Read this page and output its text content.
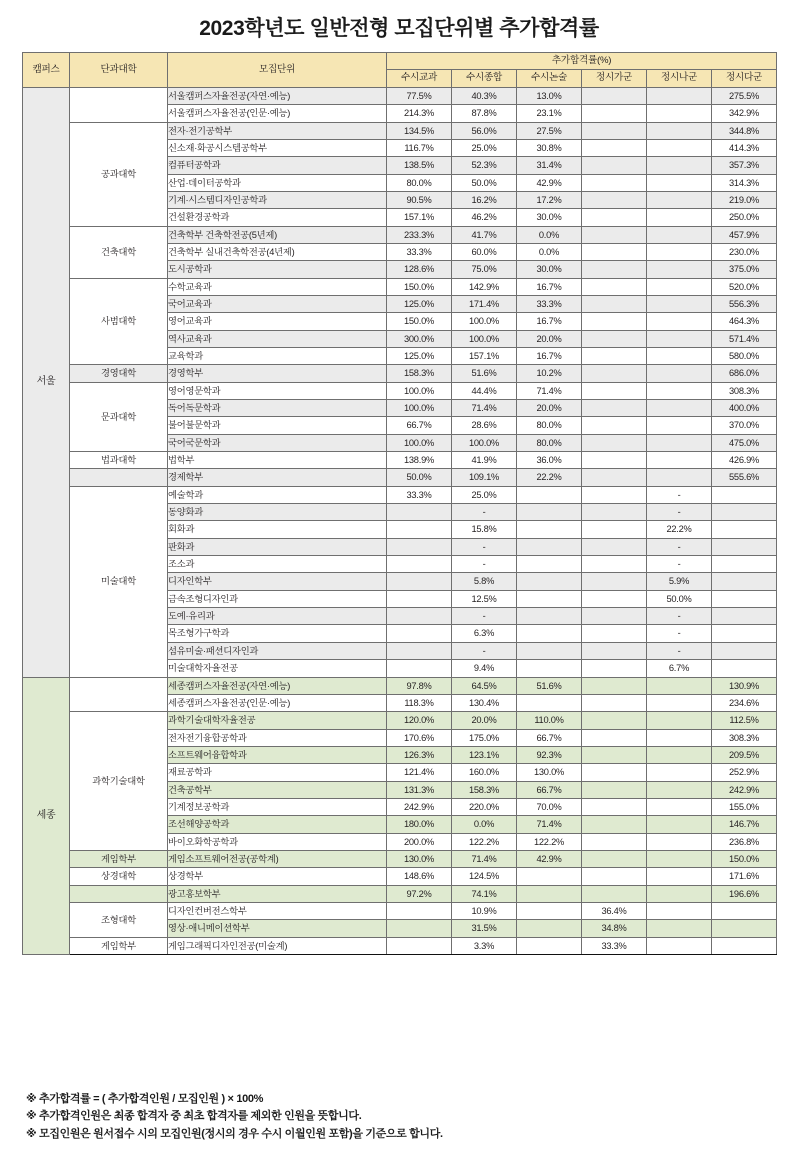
2023학년도 일반전형 모집단위별 추가합격률
캠퍼스	단과대학	모집단위	추가합격률(%)					
			수시교과	수시종합	수시논술	정시가군	정시나군	정시다군
서울		서울캠퍼스자율전공(자연·예능)	77.5%	40.3%	13.0%			275.5%
		서울캠퍼스자율전공(인문·예능)	214.3%	87.8%	23.1%			342.9%
	공과대학	전자·전기공학부	134.5%	56.0%	27.5%			344.8%
		신소재·화공시스템공학부	116.7%	25.0%	30.8%			414.3%
		컴퓨터공학과	138.5%	52.3%	31.4%			357.3%
		산업·데이터공학과	80.0%	50.0%	42.9%			314.3%
		기계·시스템디자인공학과	90.5%	16.2%	17.2%			219.0%
		건설환경공학과	157.1%	46.2%	30.0%			250.0%
	건축대학	건축학부 건축학전공(5년제)	233.3%	41.7%	0.0%			457.9%
		건축학부 실내건축학전공(4년제)	33.3%	60.0%	0.0%			230.0%
		도시공학과	128.6%	75.0%	30.0%			375.0%
	사범대학	수학교육과	150.0%	142.9%	16.7%			520.0%
		국어교육과	125.0%	171.4%	33.3%			556.3%
		영어교육과	150.0%	100.0%	16.7%			464.3%
		역사교육과	300.0%	100.0%	20.0%			571.4%
		교육학과	125.0%	157.1%	16.7%			580.0%
	경영대학	경영학부	158.3%	51.6%	10.2%			686.0%
	문과대학	영어영문학과	100.0%	44.4%	71.4%			308.3%
		독어독문학과	100.0%	71.4%	20.0%			400.0%
		불어불문학과	66.7%	28.6%	80.0%			370.0%
		국어국문학과	100.0%	100.0%	80.0%			475.0%
	법과대학	법학부	138.9%	41.9%	36.0%			426.9%
		경제학부	50.0%	109.1%	22.2%			555.6%
	미술대학	예술학과	33.3%	25.0%			-	
		동양화과		-			-	
		회화과		15.8%			22.2%	
		판화과		-			-	
		조소과		-			-	
		디자인학부		5.8%			5.9%	
		금속조형디자인과		12.5%			50.0%	
		도예·유리과		-			-	
		목조형가구학과		6.3%			-	
		섬유미술·패션디자인과		-			-	
		미술대학자율전공		9.4%			6.7%	
세종		세종캠퍼스자율전공(자연·예능)	97.8%	64.5%	51.6%			130.9%
		세종캠퍼스자율전공(인문·예능)	118.3%	130.4%				234.6%
	과학기술대학	과학기술대학자율전공	120.0%	20.0%	110.0%			112.5%
		전자전기융합공학과	170.6%	175.0%	66.7%			308.3%
		소프트웨어융합학과	126.3%	123.1%	92.3%			209.5%
		재료공학과	121.4%	160.0%	130.0%			252.9%
		건축공학부	131.3%	158.3%	66.7%			242.9%
		기계정보공학과	242.9%	220.0%	70.0%			155.0%
		조선해양공학과	180.0%	0.0%	71.4%			146.7%
		바이오화학공학과	200.0%	122.2%	122.2%			236.8%
	게임학부	게임소프트웨어전공(공학계)	130.0%	71.4%	42.9%			150.0%
	상경대학	상경학부	148.6%	124.5%				171.6%
		광고홍보학부	97.2%	74.1%				196.6%
	조형대학	디자인컨버전스학부		10.9%		36.4%		
		영상·애니메이션학부		31.5%		34.8%		
	게임학부	게임그래픽디자인전공(미술계)		3.3%		33.3%		
※ 추가합격률 = ( 추가합격인원 / 모집인원 ) × 100%
※ 추가합격인원은 최종 합격자 중 최초 합격자를 제외한 인원을 뜻합니다.
※ 모집인원은 원서접수 시의 모집인원(정시의 경우 수시 이월인원 포함)을 기준으로 합니다.
